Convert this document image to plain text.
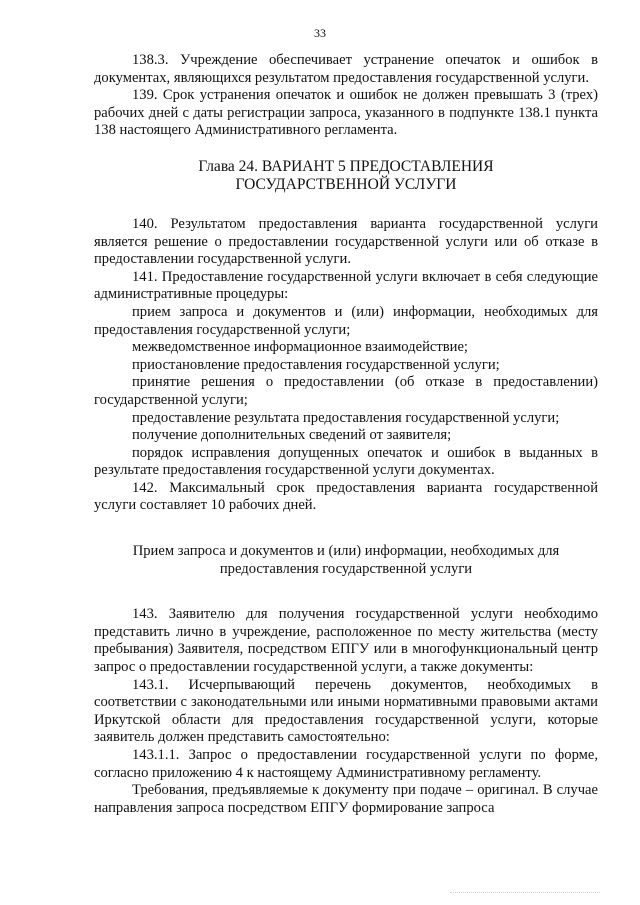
33

138.3. Учреждение обеспечивает устранение опечаток и ошибок в документах, являющихся результатом предоставления государственной услуги.

139. Срок устранения опечаток и ошибок не должен превышать 3 (трех) рабочих дней с даты регистрации запроса, указанного в подпункте 138.1 пункта 138 настоящего Административного регламента.

Глава 24. ВАРИАНТ 5 ПРЕДОСТАВЛЕНИЯ

ГОСУДАРСТВЕННОЙ УСЛУГИ

140. Результатом предоставления варианта государственной услуги является решение о предоставлении государственной услуги или об отказе в предоставлении государственной услуги.

141. Предоставление государственной услуги включает в себя следующие административные процедуры:

прием запроса и документов и (или) информации, необходимых для предоставления государственной услуги;

межведомственное информационное взаимодействие;

приостановление предоставления государственной услуги;

принятие решения о предоставлении (об отказе в предоставлении) государственной услуги;

предоставление результата предоставления государственной услуги;

получение дополнительных сведений от заявителя;

порядок исправления допущенных опечаток и ошибок в выданных в результате предоставления государственной услуги документах.

142. Максимальный срок предоставления варианта государственной услуги составляет 10 рабочих дней.

Прием запроса и документов и (или) информации, необходимых для

предоставления государственной услуги

143. Заявителю для получения государственной услуги необходимо представить лично в учреждение, расположенное по месту жительства (месту пребывания) Заявителя, посредством ЕПГУ или в многофункциональный центр запрос о предоставлении государственной услуги, а также документы:

143.1. Исчерпывающий перечень документов, необходимых в соответствии с законодательными или иными нормативными правовыми актами Иркутской области для предоставления государственной услуги, которые заявитель должен представить самостоятельно:

143.1.1. Запрос о предоставлении государственной услуги по форме, согласно приложению 4 к настоящему Административному регламенту.

Требования, предъявляемые к документу при подаче – оригинал. В случае направления запроса посредством ЕПГУ формирование запроса
